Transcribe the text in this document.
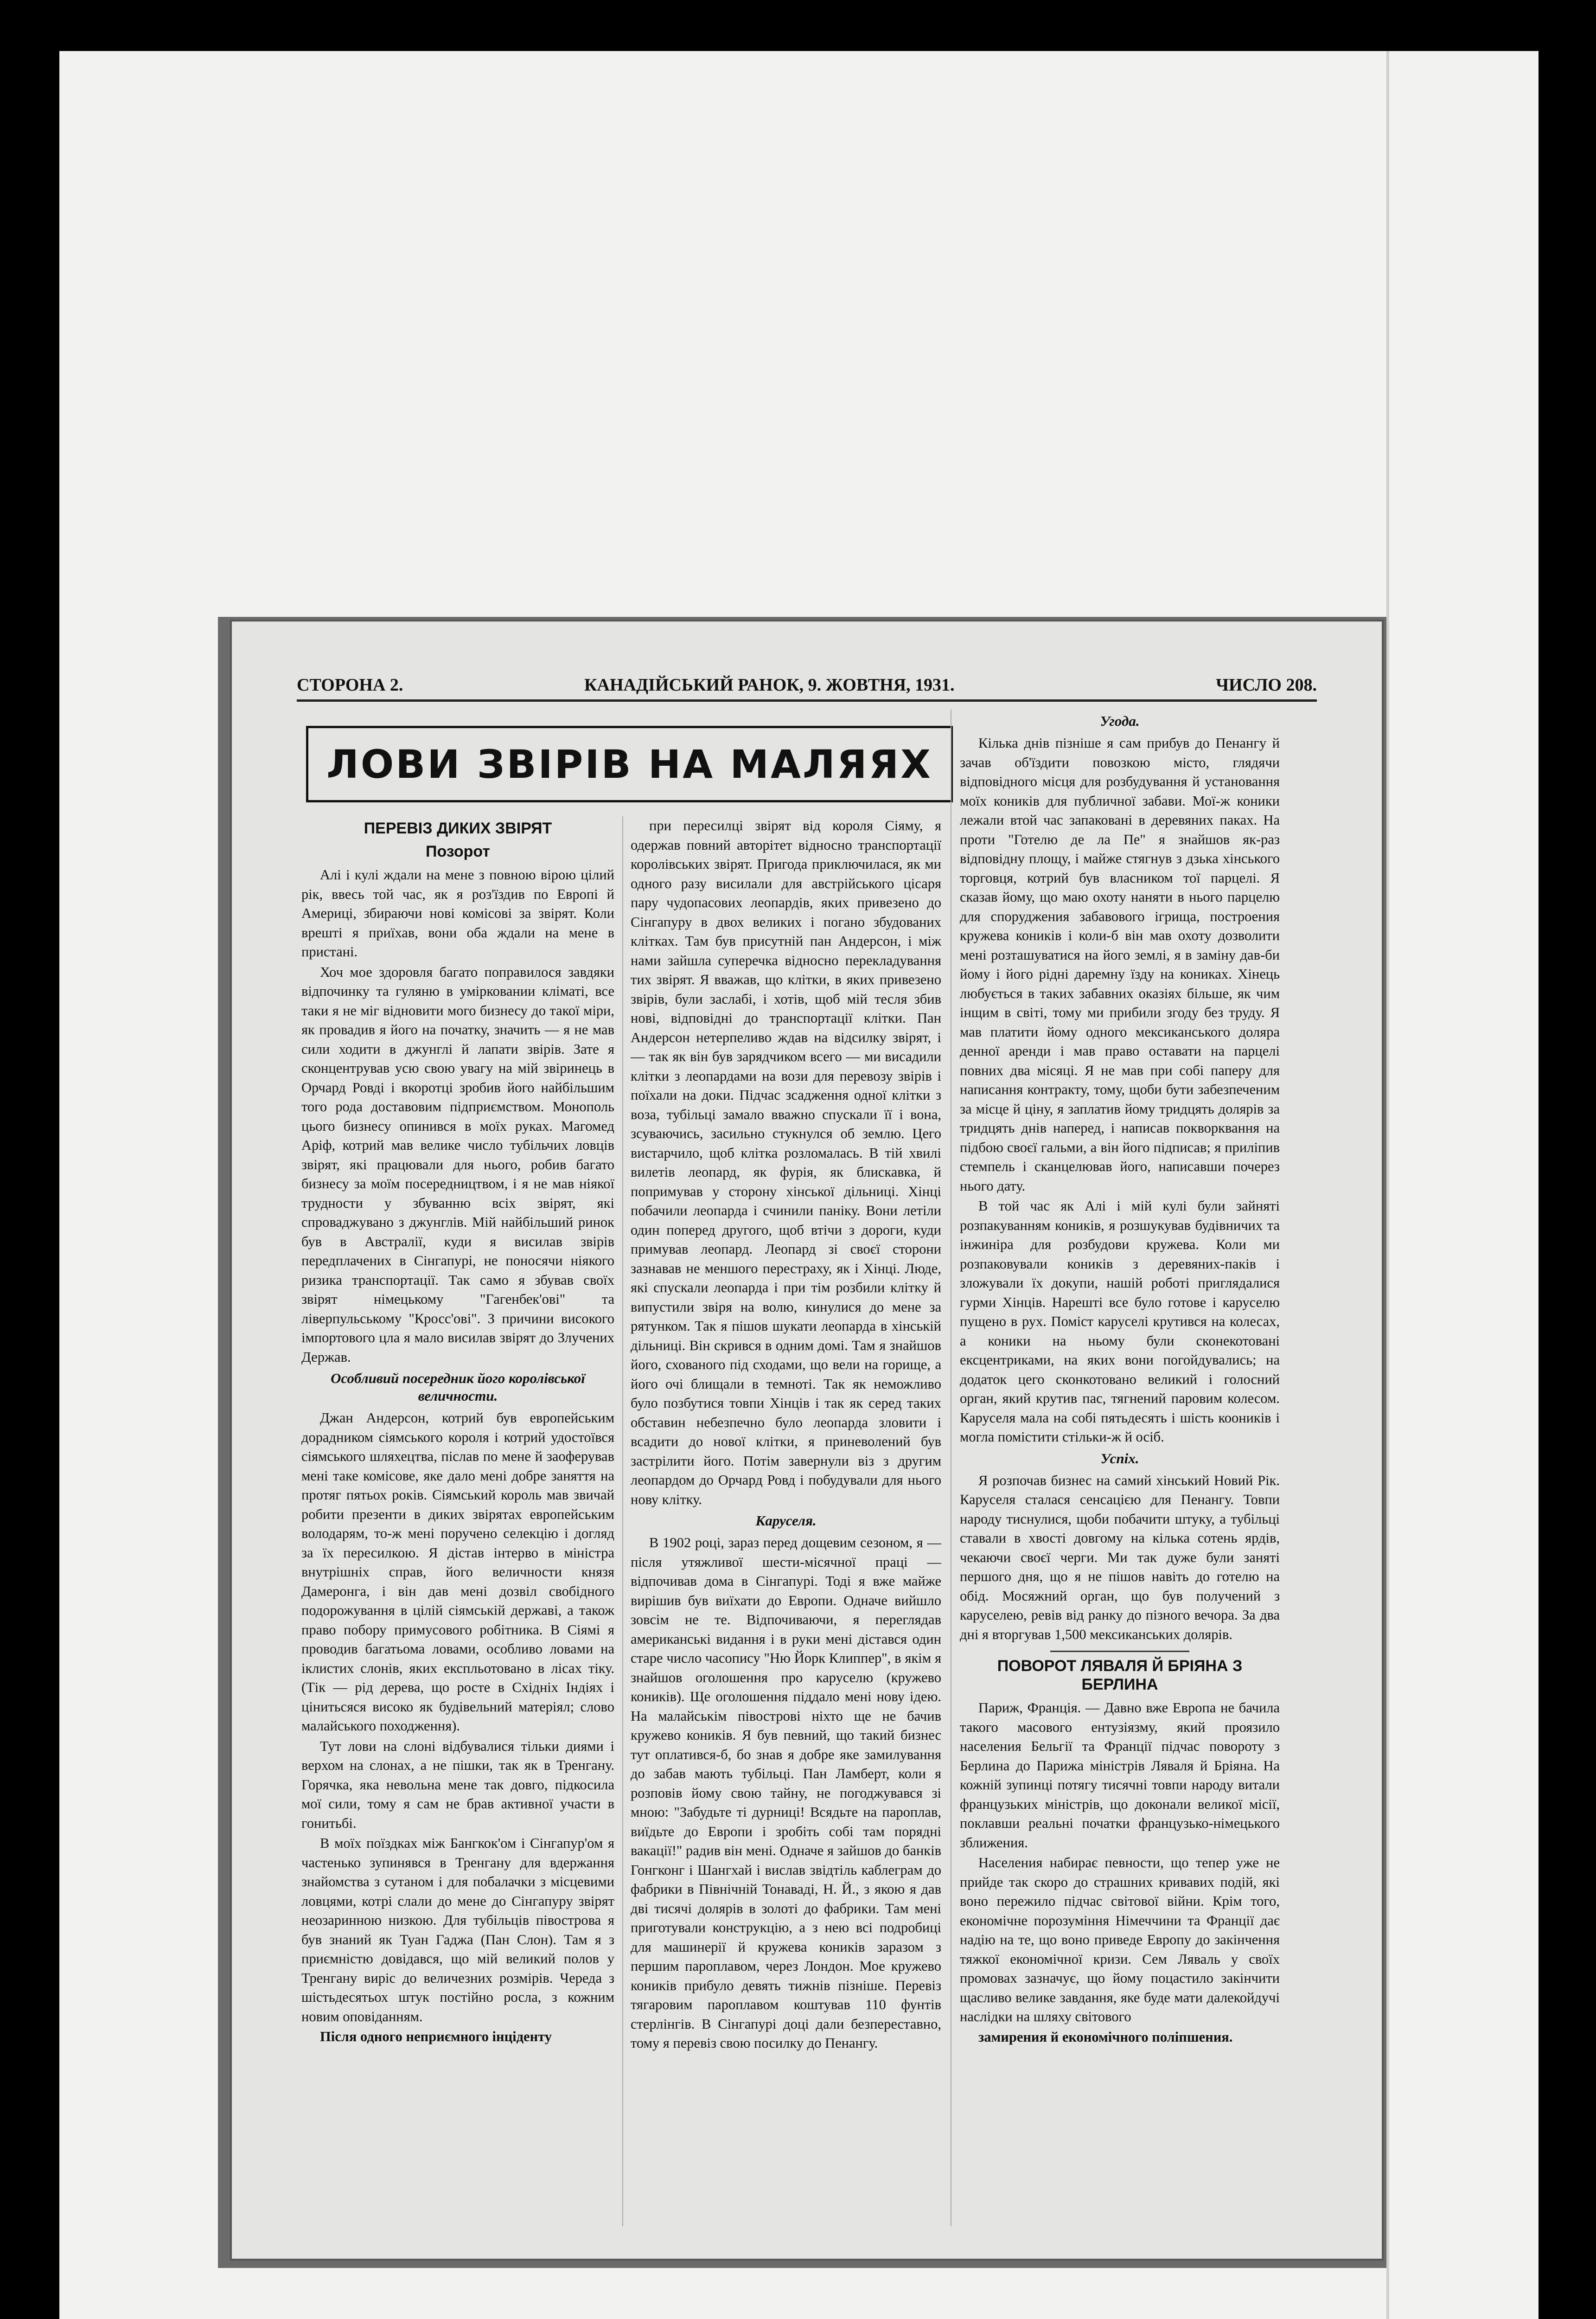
СТОРОНА 2.	КАНАДІЙСЬКИЙ РАНОК, 9. ЖОВТНЯ, 1931.	ЧИСЛО 208.
ЛОВИ ЗВІРІВ НА МАЛЯЯХ
ПЕРЕВІЗ ДИКИХ ЗВІРЯТ
Позорот

Алі і кулі ждали на мене з повною вірою цілий рік, ввесь той час, як я роз'їздив по Европі й Америці, збираючи нові комісові за звірят. Коли врешті я приїхав, вони оба ждали на мене в пристані.

Хоч мое здоровля багато поправилося завдяки відпочинку та гуляню в умірковании кліматі, все таки я не міг відновити мого бизнесу до такої міри, як провадив я його на початку, значить — я не мав сили ходити в джунглі й лапати звірів. Зате я сконцентрував усю свою увагу на мій звіринець в Орчард Ровді і вкоротці зробив його найбільшим того рода доставовим підприємством. Монополь цього бизнесу опинився в моїх руках. Магомед Аріф, котрий мав велике число тубільчих ловців звірят, які працювали для нього, робив багато бизнесу за моїм посередництвом, і я не мав ніякої трудности у збуванню всіх звірят, які спроваджувано з джунглів. Мій найбільший ринок був в Австралії, куди я висилав звірів передплачених в Сінгапурі, не поносячи ніякого ризика транспортації. Так само я збував своїх звірят німецькому "Гагенбек'ові" та ліверпульському "Кросс'ові". З причини високого імпортового цла я мало висилав звірят до Злучених Держав.

Особливий посередник його королівської величности.

Джан Андерсон, котрий був европейським дорадником сіямського короля і котрий удостоївся сіямського шляхецтва, післав по мене й заоферував мені таке комісове, яке дало мені добре заняття на протяг пятьох років. Сіямський король мав звичай робити презенти в диких звірятах европейським володарям, то-ж мені поручено селекцію і догляд за їх пересилкою. Я дістав інтерво в міністра внутрішніх справ, його величности князя Дамеронга, і він дав мені дозвіл свобідного подорожування в цілій сіямській державі, а також право побору примусового робітника. В Сіямі я проводив багатьома ловами, особливо ловами на іклистих слонів, яких експльотовано в лісах тіку. (Тік — рід дерева, що росте в Східніх Індіях і цінитьсяся високо як будівельний матеріял; слово малайського походження).

Тут лови на слоні відбувалися тільки диями і верхом на слонах, а не пішки, так як в Тренгану. Горячка, яка невольна мене так довго, підкосила мої сили, тому я сам не брав активної участи в гонитьбі.

В моїх поїздках між Бангкок'ом і Сінгапур'ом я частенько зупинявся в Тренгану для вдержання знайомства з сутаном і для побалачки з місцевими ловцями, котрі слали до мене до Сінгапуру звірят неозаринною низкою. Для тубільців півострова я був знаний як Туан Гаджа (Пан Слон). Там я з приємністю довідався, що мій великий полов у Тренгану виріс до величезних розмірів. Череда з шістьдесятьох штук постійно росла, з кожним новим оповіданням.

Після одного неприємного інціденту

при пересилці звірят від короля Сіяму, я одержав повний авторітет відносно транспортації королівських звірят. Пригода приключилася, як ми одного разу висилали для австрійського цісаря пару чудопасових леопардів, яких привезено до Сінгапуру в двох великих і погано збудованих клітках. Там був присутній пан Андерсон, і між нами зайшла суперечка відносно перекладування тих звірят. Я вважав, що клітки, в яких привезено звірів, були заслабі, і хотів, щоб мій тесля збив нові, відповідні до транспортації клітки. Пан Андерсон нетерпеливо ждав на відсилку звірят, і — так як він був зарядчиком всего — ми висадили клітки з леопардами на вози для перевозу звірів і поїхали на доки. Підчас зсадження одної клітки з воза, тубільці замало вважно спускали її і вона, зсуваючись, засильно стукнулся об землю. Цего вистарчило, щоб клітка розломалась. В тій хвилі вилетів леопард, як фурія, як блискавка, й попримував у сторону хінської дільниці. Хінці побачили леопарда і счинили паніку. Вони летіли один поперед другого, щоб втічи з дороги, куди примував леопард. Леопард зі своєї сторони зазнавав не меншого перестраху, як і Хінці. Люде, які спускали леопарда і при тім розбили клітку й випустили звіря на волю, кинулися до мене за рятунком. Так я пішов шукати леопарда в хінській дільниці. Він скрився в одним домі. Там я знайшов його, схованого під сходами, що вели на горище, а його очі блищали в темноті. Так як неможливо було позбутися товпи Хінців і так як серед таких обставин небезпечно було леопарда зловити і всадити до нової клітки, я приневолений був застрілити його. Потім завернули віз з другим леопардом до Орчард Ровд і побудували для нього нову клітку.

Каруселя.

В 1902 році, зараз перед дощевим сезоном, я — після утяжливої шести-місячної праці — відпочивав дома в Сінгапурі. Тоді я вже майже вирішив був виїхати до Европи. Одначе вийшло зовсім не те. Відпочиваючи, я переглядав американські видання і в руки мені дістався один старе число часопису "Ню Йорк Клиппер", в якім я знайшов оголошення про каруселю (кружево коників). Ще оголошення піддало мені нову ідею. На малайськім півострові ніхто ще не бачив кружево коників. Я був певний, що такий бизнес тут оплатився-б, бо знав я добре яке замилування до забав мають тубільці. Пан Ламберт, коли я розповів йому свою тайну, не погоджувався зі мною: "Забудьте ті дурниці! Всядьте на пароплав, виїдьте до Европи і зробіть собі там порядні вакації!" радив він мені. Одначе я зайшов до банків Гонгконг і Шангхай і вислав звідтіль каблеграм до фабрики в Північній Тонаваді, Н. Й., з якою я дав дві тисячі долярів в золоті до фабрики. Там мені приготували конструкцію, а з нею всі подробиці для машинерії й кружева коників заразом з першим пароплавом, через Лондон. Мое кружево коників прибуло девять тижнів пізніше. Перевіз тягаровим пароплавом коштував 110 фунтів стерлінгів. В Сінгапурі доці дали безпереставно, тому я перевіз свою посилку до Пенангу.

Угода.

Кілька днів пізніше я сам прибув до Пенангу й зачав об'їздити повозкою місто, глядячи відповідного місця для розбудування й установання моїх коників для публичної забави. Мої-ж коники лежали втой час запаковані в деревяних паках. На проти "Готелю де ла Пе" я знайшов як-раз відповідну площу, і майже стягнув з дзька хінського торговця, котрий був власником тої парцелі. Я сказав йому, що маю охоту наняти в нього парцелю для споруджения забавового ігрища, построения кружева коників і коли-б він мав охоту дозволити мені розташуватися на його землі, я в заміну дав-би йому і його рідні даремну їзду на кониках. Хінець любується в таких забавних оказіях більше, як чим інщим в світі, тому ми прибили згоду без труду. Я мав платити йому одного мексиканського доляра денної аренди і мав право оставати на парцелі повних два місяці. Я не мав при собі паперу для написання контракту, тому, щоби бути забезпеченим за місце й ціну, я заплатив йому тридцять долярів за тридцять днів наперед, і написав покворквання на підбою своєї гальми, а він його підписав; я приліпив стемпель і сканцелював його, написавши почерез нього дату.

В той час як Алі і мій кулі були зайняті розпакуванням коників, я розшукував будівничих та інжиніра для розбудови кружева. Коли ми розпаковували коників з деревяних-паків і зложували їх докупи, нашій роботі приглядалися гурми Хінців. Нарешті все було готове і каруселю пущено в рух. Поміст каруселі крутився на колесах, а коники на ньому були сконекотовані ексцентриками, на яких вони погойдувались; на додаток цего сконкотовано великий і голосний орган, який крутив пас, тягнений паровим колесом. Каруселя мала на собі пятьдесять і шість кооників і могла помістити стільки-ж й осіб.

Успіх.

Я розпочав бизнес на самий хінський Новий Рік. Каруселя сталася сенсацією для Пенангу. Товпи народу тиснулися, щоби побачити штуку, а тубільці ставали в хвості довгому на кілька сотень ярдів, чекаючи своєї черги. Ми так дуже були заняті першого дня, що я не пішов навіть до готелю на обід. Мосяжний орган, що був получений з каруселею, ревів від ранку до пізного вечора. За два дні я вторгував 1,500 мексиканських долярів.

ПОВОРОТ ЛЯВАЛЯ Й БРІЯНА З БЕРЛИНА

Париж, Франція. — Давно вже Европа не бачила такого масового ентузіязму, який проязило населения Бельгії та Франції підчас повороту з Берлина до Парижа міністрів Ляваля й Бріяна. На кожній зупинці потягу тисячні товпи народу витали французьких міністрів, що доконали великої місії, поклавши реальні початки французько-німецького зближения.

Населения набирає певности, що тепер уже не прийде так скоро до страшних кривавих подій, які воно пережило підчас світової війни. Крім того, економічне порозуміння Німеччини та Франції дає надію на те, що воно приведе Европу до закінчення тяжкої економічної кризи. Сем Ляваль у своїх промовах зазначує, що йому поцастило закінчити щасливо велике завдання, яке буде мати далекойдучі наслідки на шляху світового

замирения й економічного поліпшения.
